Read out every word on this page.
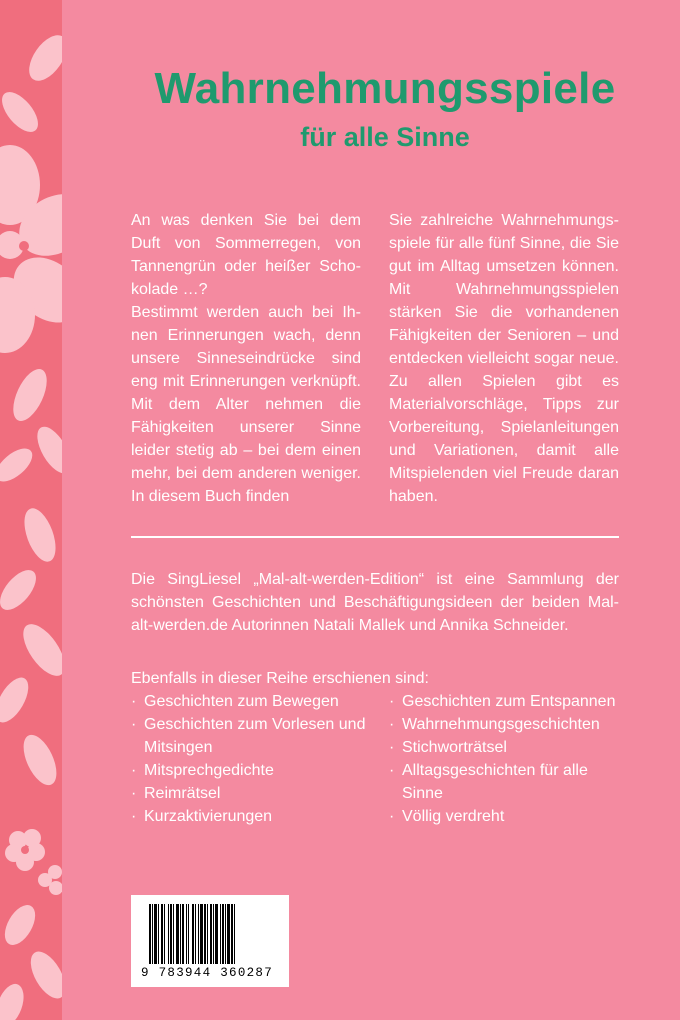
Wahrnehmungsspiele
für alle Sinne

An was denken Sie bei dem Duft von Sommerregen, von Tannengrün oder heißer Schokolade …?

Bestimmt werden auch bei Ihnen Erinnerungen wach, denn unsere Sinneseindrücke sind eng mit Erinnerungen verknüpft. Mit dem Alter nehmen die Fähigkeiten unserer Sinne leider stetig ab – bei dem einen mehr, bei dem anderen weniger. In diesem Buch finden

Sie zahlreiche Wahrnehmungsspiele für alle fünf Sinne, die Sie gut im Alltag umsetzen können. Mit Wahrnehmungsspielen stärken Sie die vorhandenen Fähigkeiten der Senioren – und entdecken vielleicht sogar neue. Zu allen Spielen gibt es Materialvorschläge, Tipps zur Vorbereitung, Spielanleitungen und Variationen, damit alle Mitspielenden viel Freude daran haben.

Die SingLiesel „Mal-alt-werden-Edition“ ist eine Sammlung der schönsten Geschichten und Beschäftigungsideen der beiden Mal-alt-werden.de Autorinnen Natali Mallek und Annika Schneider.

Ebenfalls in dieser Reihe erschienen sind:

· Geschichten zum Bewegen
· Geschichten zum Vorlesen und Mitsingen
· Mitsprechgedichte
· Reimrätsel
· Kurzaktivierungen
· Geschichten zum Entspannen
· Wahrnehmungsgeschichten
· Stichworträtsel
· Alltagsgeschichten für alle Sinne
· Völlig verdreht
9 783944 360287
